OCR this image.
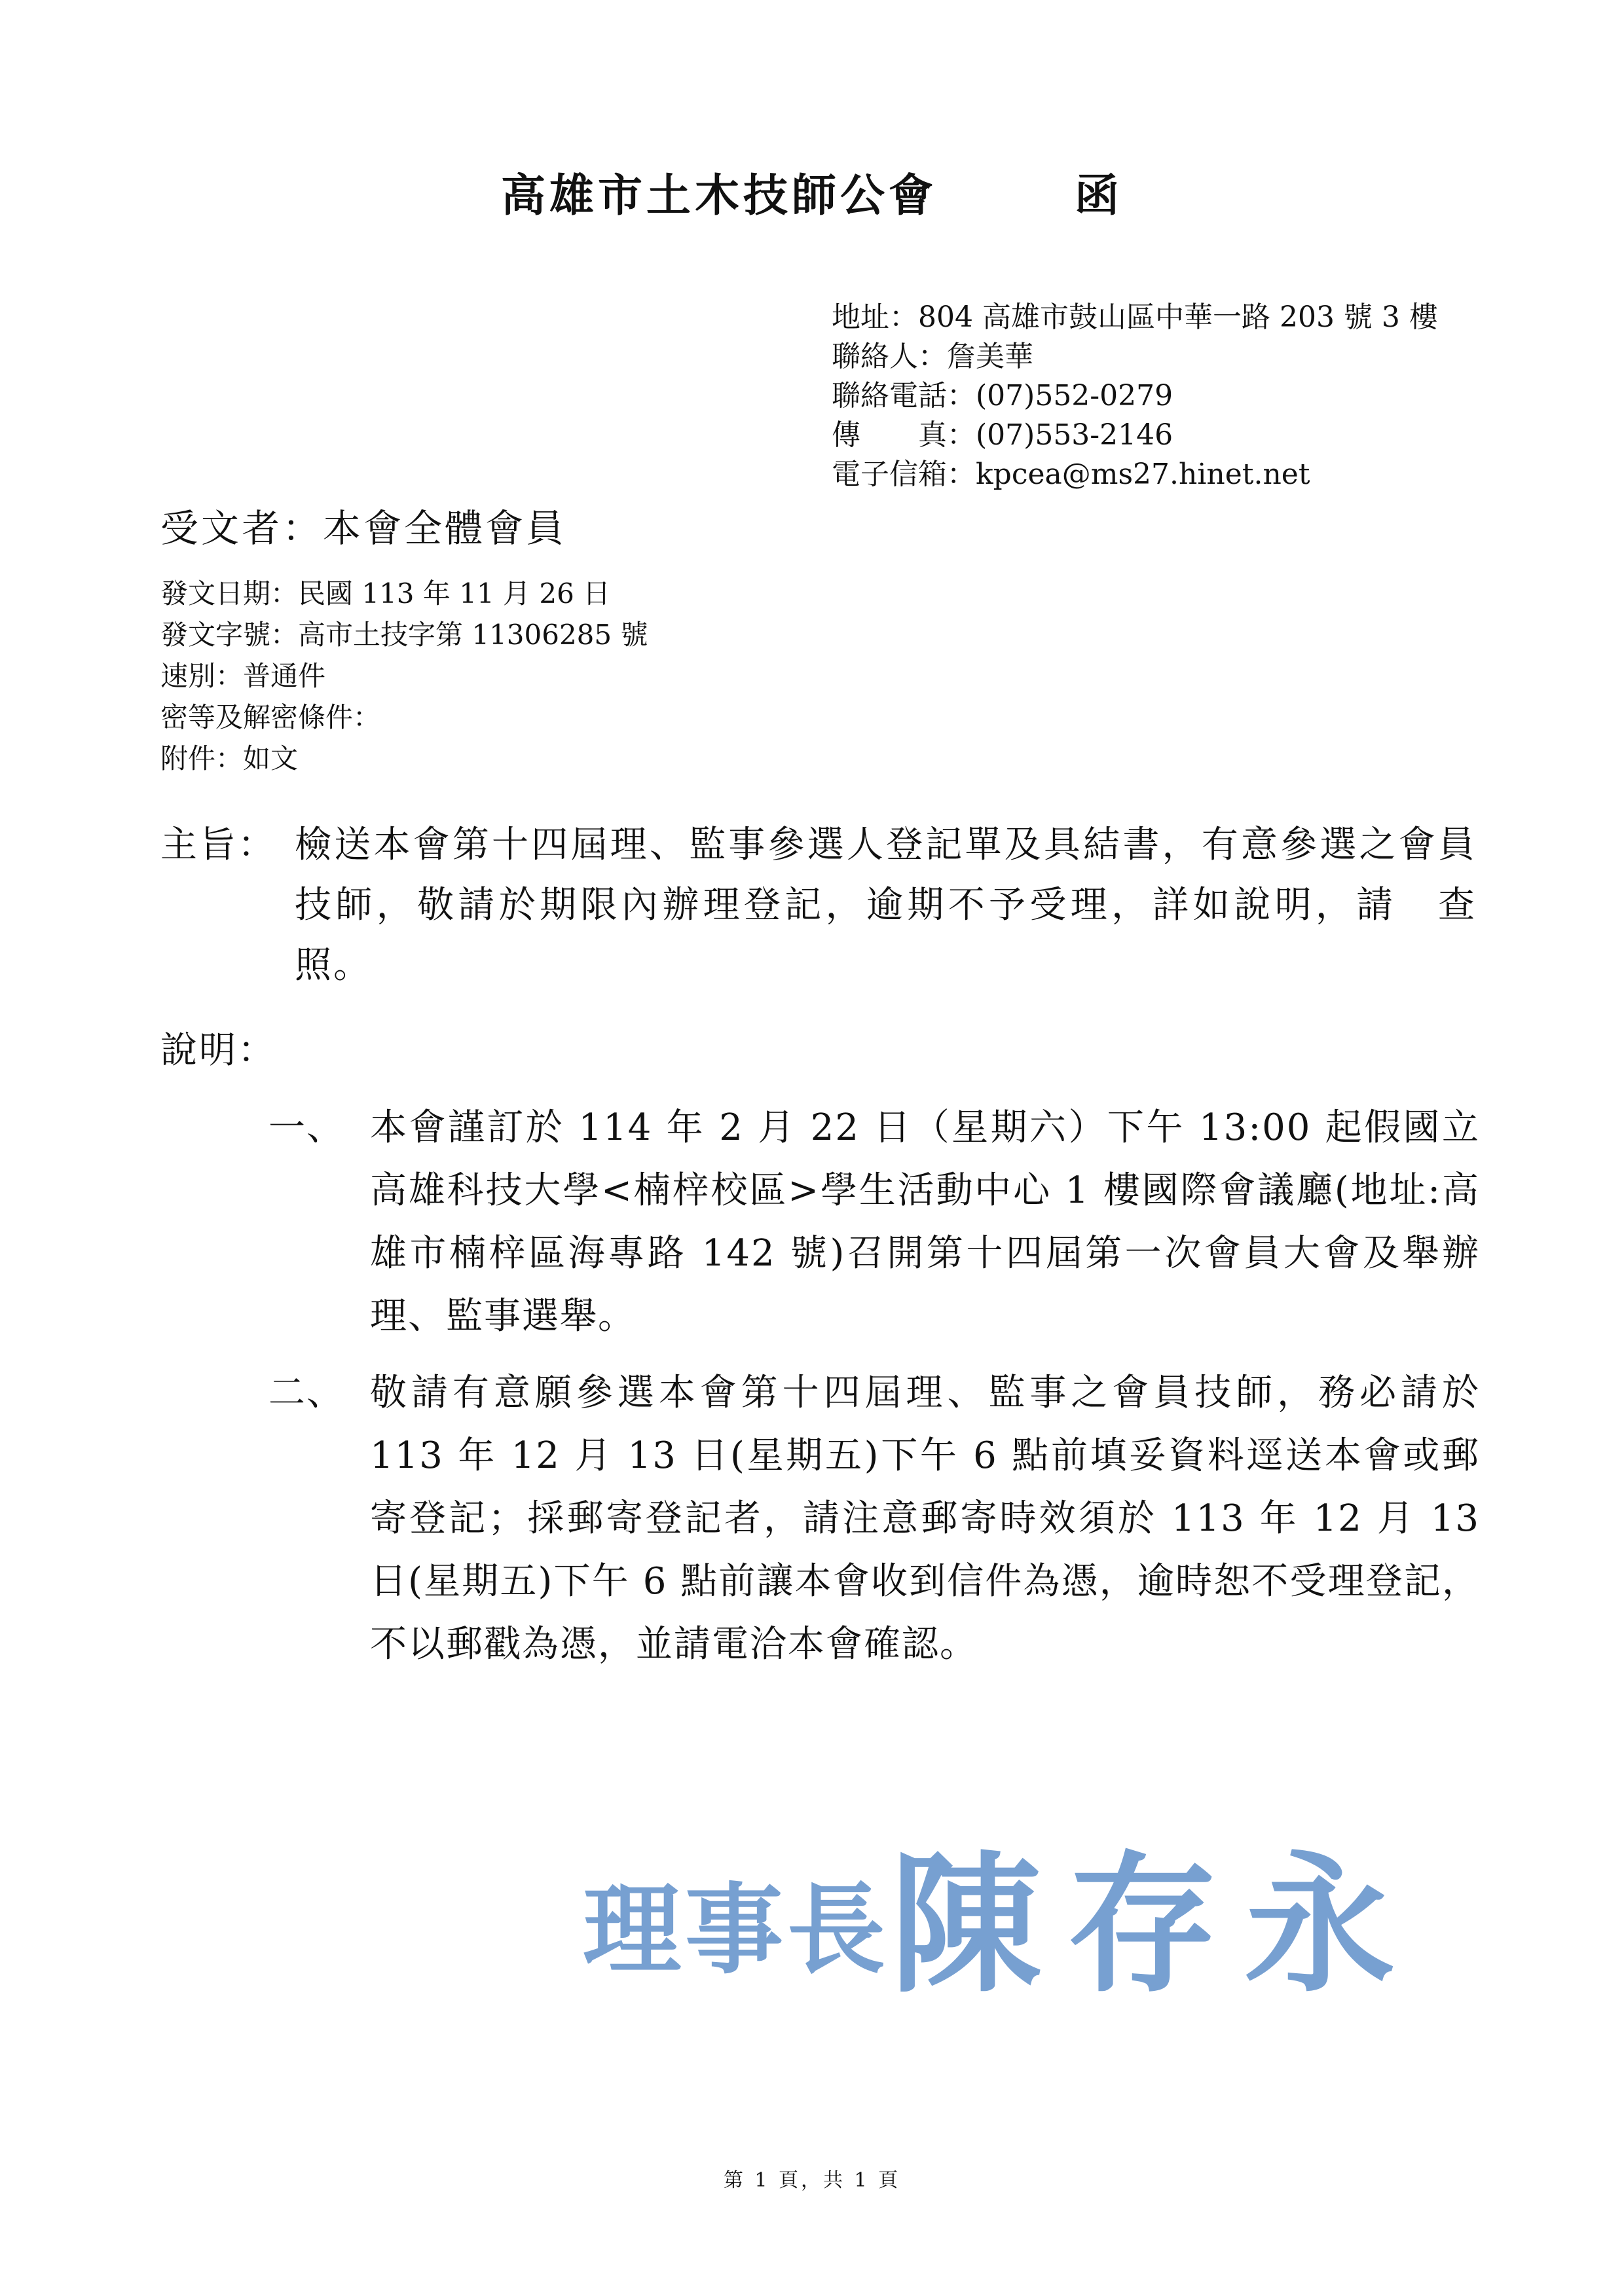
高雄市土木技師公會	函
地址：804 高雄市鼓山區中華一路 203 號 3 樓
聯絡人：詹美華
聯絡電話：(07)552-0279
傳　　真：(07)553-2146
電子信箱：kpcea@ms27.hinet.net
受文者：本會全體會員
發文日期：民國 113 年 11 月 26 日
發文字號：高市土技字第 11306285 號
速別：普通件
密等及解密條件：
附件：如文
主旨： 檢送本會第十四屆理、監事參選人登記單及具結書，有意參選之會員技師，敬請於期限內辦理登記，逾期不予受理，詳如說明，請　查照。
說明：
一、 本會謹訂於 114 年 2 月 22 日（星期六）下午 13:00 起假國立高雄科技大學<楠梓校區>學生活動中心 1 樓國際會議廳(地址:高雄市楠梓區海專路 142 號)召開第十四屆第一次會員大會及舉辦理、監事選舉。
二、 敬請有意願參選本會第十四屆理、監事之會員技師，務必請於 113 年 12 月 13 日(星期五)下午 6 點前填妥資料逕送本會或郵寄登記；採郵寄登記者，請注意郵寄時效須於 113 年 12 月 13 日(星期五)下午 6 點前讓本會收到信件為憑，逾時恕不受理登記，不以郵戳為憑，並請電洽本會確認。
理事長 陳存永
第 1 頁，共 1 頁
